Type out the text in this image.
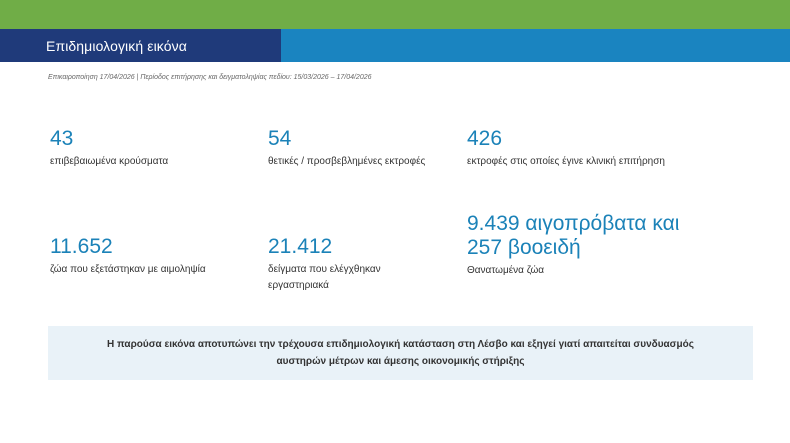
Επιδημιολογική εικόνα
Επικαιροποίηση 17/04/2026 | Περίοδος επιτήρησης και δειγματοληψίας πεδίου: 15/03/2026 – 17/04/2026
43
επιβεβαιωμένα κρούσματα
54
θετικές / προσβεβλημένες εκτροφές
426
εκτροφές στις οποίες έγινε κλινική επιτήρηση
11.652
ζώα που εξετάστηκαν με αιμοληψία
21.412
δείγματα που ελέγχθηκαν εργαστηριακά
9.439 αιγοπρόβατα και
257 βοοειδή
Θανατωμένα ζώα
Η παρούσα εικόνα αποτυπώνει την τρέχουσα επιδημιολογική κατάσταση στη Λέσβο και εξηγεί γιατί απαιτείται συνδυασμός αυστηρών μέτρων και άμεσης οικονομικής στήριξης
